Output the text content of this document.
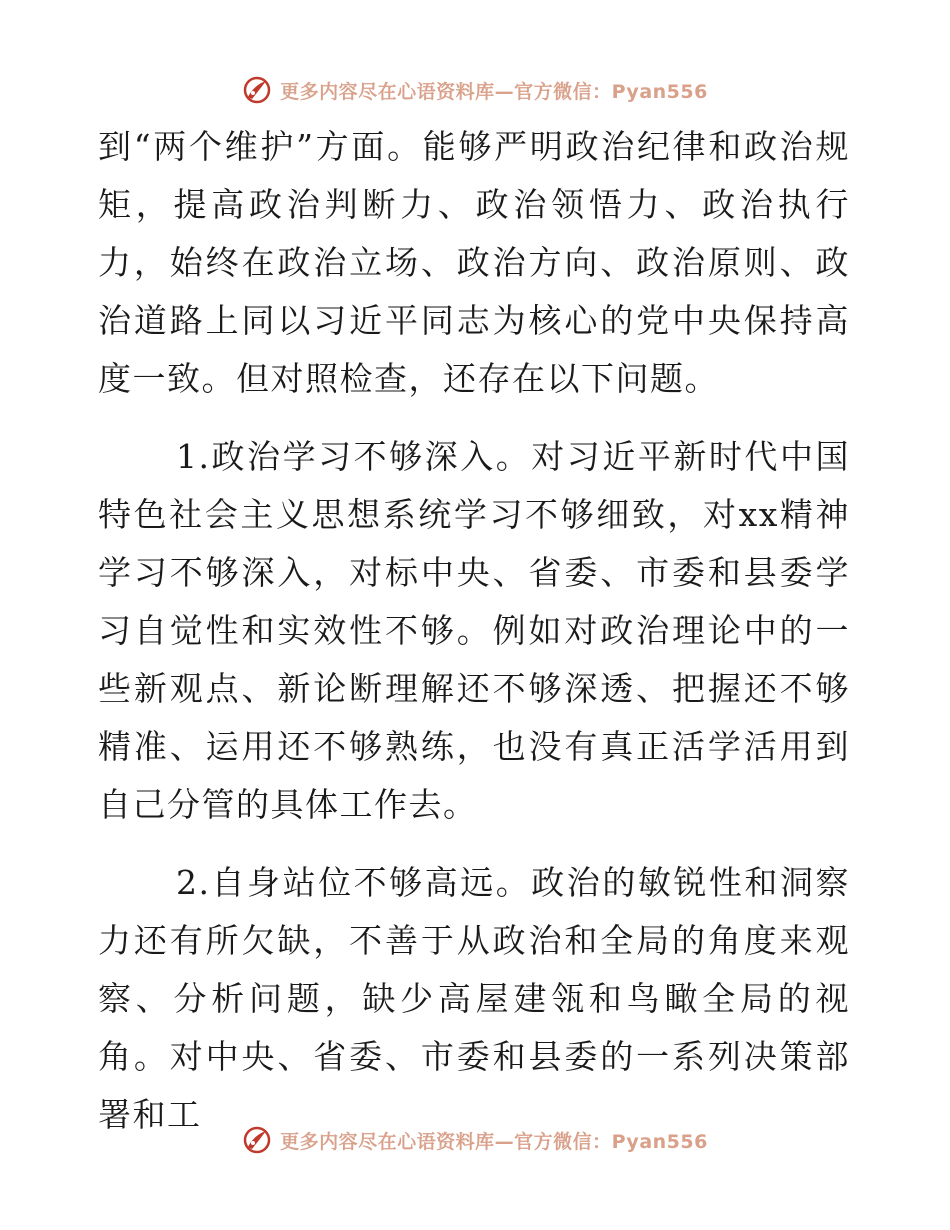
更多内容尽在心语资料库—官方微信：Pyan556

到“两个维护”方面。能够严明政治纪律和政治规矩，提高政治判断力、政治领悟力、政治执行力，始终在政治立场、政治方向、政治原则、政治道路上同以习近平同志为核心的党中央保持高度一致。但对照检查，还存在以下问题。

1.政治学习不够深入。对习近平新时代中国特色社会主义思想系统学习不够细致，对xx精神学习不够深入，对标中央、省委、市委和县委学习自觉性和实效性不够。例如对政治理论中的一些新观点、新论断理解还不够深透、把握还不够精准、运用还不够熟练，也没有真正活学活用到自己分管的具体工作去。

2.自身站位不够高远。政治的敏锐性和洞察力还有所欠缺，不善于从政治和全局的角度来观察、分析问题，缺少高屋建瓴和鸟瞰全局的视角。对中央、省委、市委和县委的一系列决策部署和工

更多内容尽在心语资料库—官方微信：Pyan556
